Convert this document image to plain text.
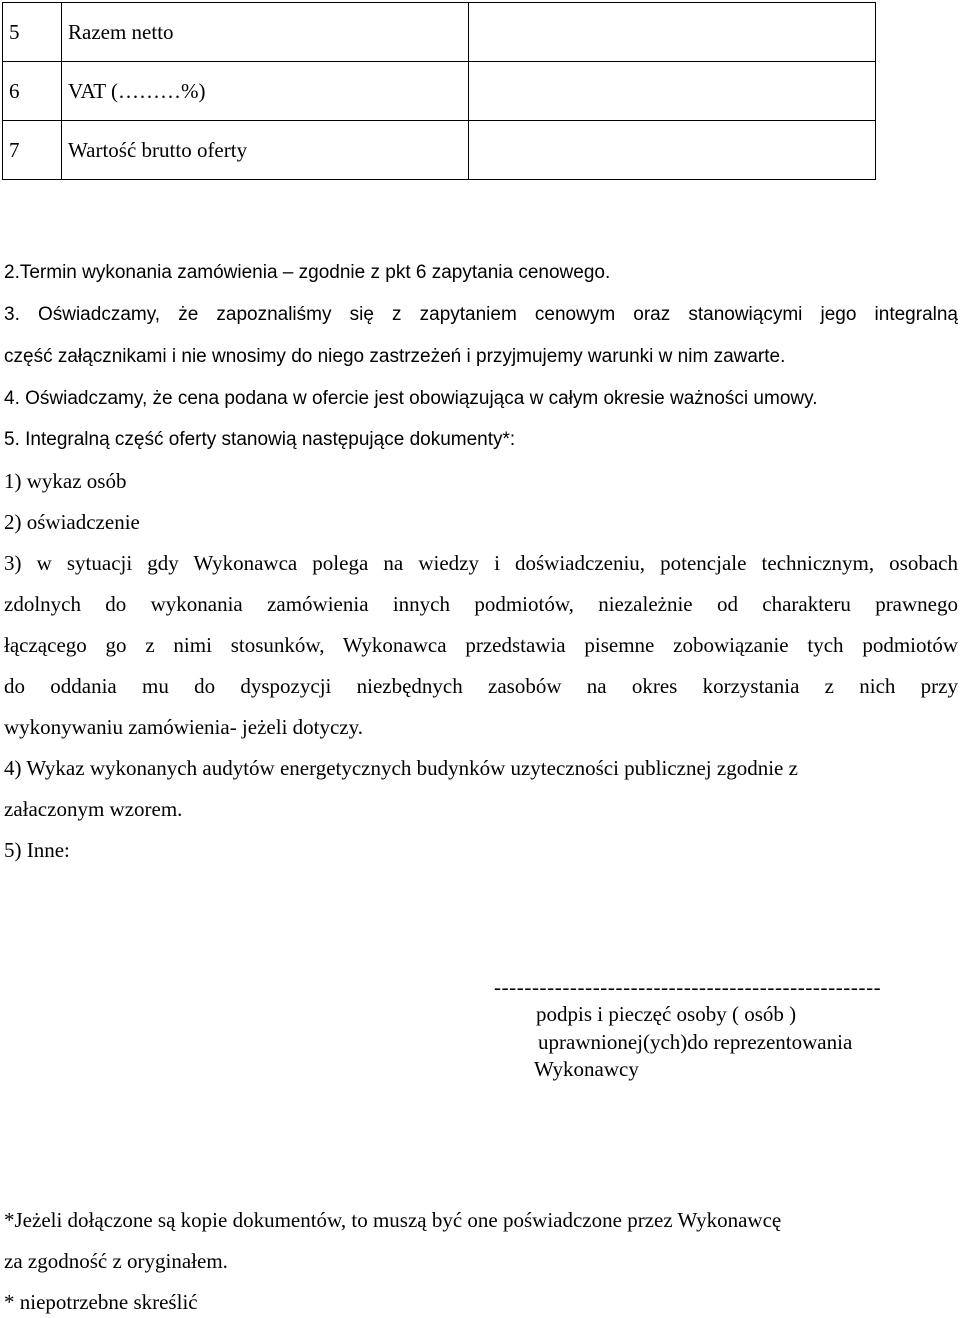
5	Razem netto	
6	VAT (………%)	
7	Wartość brutto oferty	

2.Termin wykonania zamówienia – zgodnie z pkt 6 zapytania cenowego.

3. Oświadczamy, że zapoznaliśmy się z zapytaniem cenowym oraz stanowiącymi jego integralną

część załącznikami i nie wnosimy do niego zastrzeżeń i przyjmujemy warunki w nim zawarte.

4. Oświadczamy, że cena podana w ofercie jest obowiązująca w całym okresie ważności umowy.

5. Integralną część oferty stanowią następujące dokumenty*:

1) wykaz osób

2) oświadczenie

3) w sytuacji gdy Wykonawca polega na wiedzy i doświadczeniu, potencjale technicznym, osobach

zdolnych do wykonania zamówienia innych podmiotów, niezależnie od charakteru prawnego

łączącego go z nimi stosunków, Wykonawca przedstawia pisemne zobowiązanie tych podmiotów

do oddania mu do dyspozycji niezbędnych zasobów na okres korzystania z nich przy

wykonywaniu zamówienia- jeżeli dotyczy.

4) Wykaz wykonanych audytów energetycznych budynków uzyteczności publicznej zgodnie z

załaczonym wzorem.

5) Inne:

---------------------------------------------------

podpis i pieczęć osoby ( osób )

uprawnionej(ych)do reprezentowania

Wykonawcy

*Jeżeli dołączone są kopie dokumentów, to muszą być one poświadczone przez Wykonawcę

za zgodność z oryginałem.

* niepotrzebne skreślić
